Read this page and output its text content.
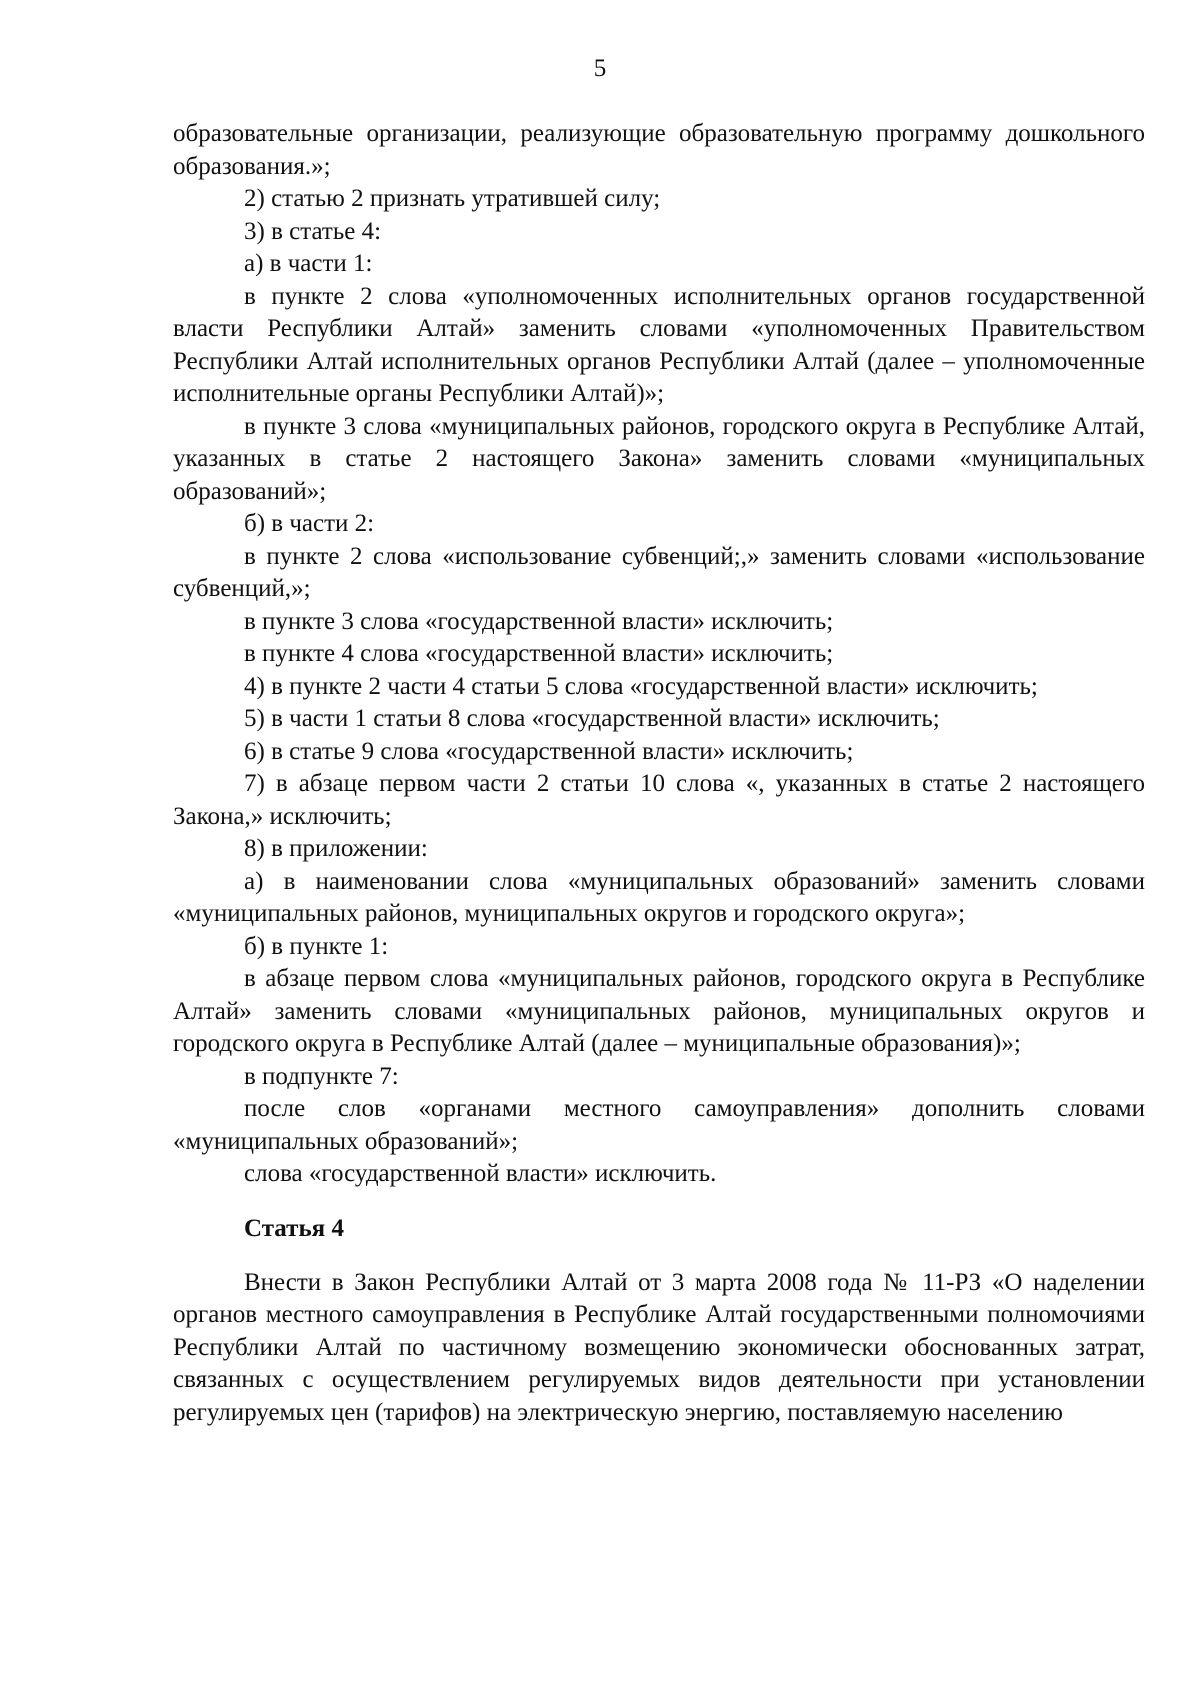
5

образовательные организации, реализующие образовательную программу дошкольного образования.»;

2) статью 2 признать утратившей силу;

3) в статье 4:

а) в части 1:

в пункте 2 слова «уполномоченных исполнительных органов государственной власти Республики Алтай» заменить словами «уполномоченных Правительством Республики Алтай исполнительных органов Республики Алтай (далее – уполномоченные исполнительные органы Республики Алтай)»;

в пункте 3 слова «муниципальных районов, городского округа в Республике Алтай, указанных в статье 2 настоящего Закона» заменить словами «муниципальных образований»;

б) в части 2:

в пункте 2 слова «использование субвенций;,» заменить словами «использование субвенций,»;

в пункте 3 слова «государственной власти» исключить;

в пункте 4 слова «государственной власти» исключить;

4) в пункте 2 части 4 статьи 5 слова «государственной власти» исключить;

5) в части 1 статьи 8 слова «государственной власти» исключить;

6) в статье 9 слова «государственной власти» исключить;

7) в абзаце первом части 2 статьи 10 слова «, указанных в статье 2 настоящего Закона,» исключить;

8) в приложении:

а) в наименовании слова «муниципальных образований» заменить словами «муниципальных районов, муниципальных округов и городского округа»;

б) в пункте 1:

в абзаце первом слова «муниципальных районов, городского округа в Республике Алтай» заменить словами «муниципальных районов, муниципальных округов и городского округа в Республике Алтай (далее – муниципальные образования)»;

в подпункте 7:

после слов «органами местного самоуправления» дополнить словами «муниципальных образований»;

слова «государственной власти» исключить.

Статья 4

Внести в Закон Республики Алтай от 3 марта 2008 года № 11-РЗ «О наделении органов местного самоуправления в Республике Алтай государственными полномочиями Республики Алтай по частичному возмещению экономически обоснованных затрат, связанных с осуществлением регулируемых видов деятельности при установлении регулируемых цен (тарифов) на электрическую энергию, поставляемую населению
